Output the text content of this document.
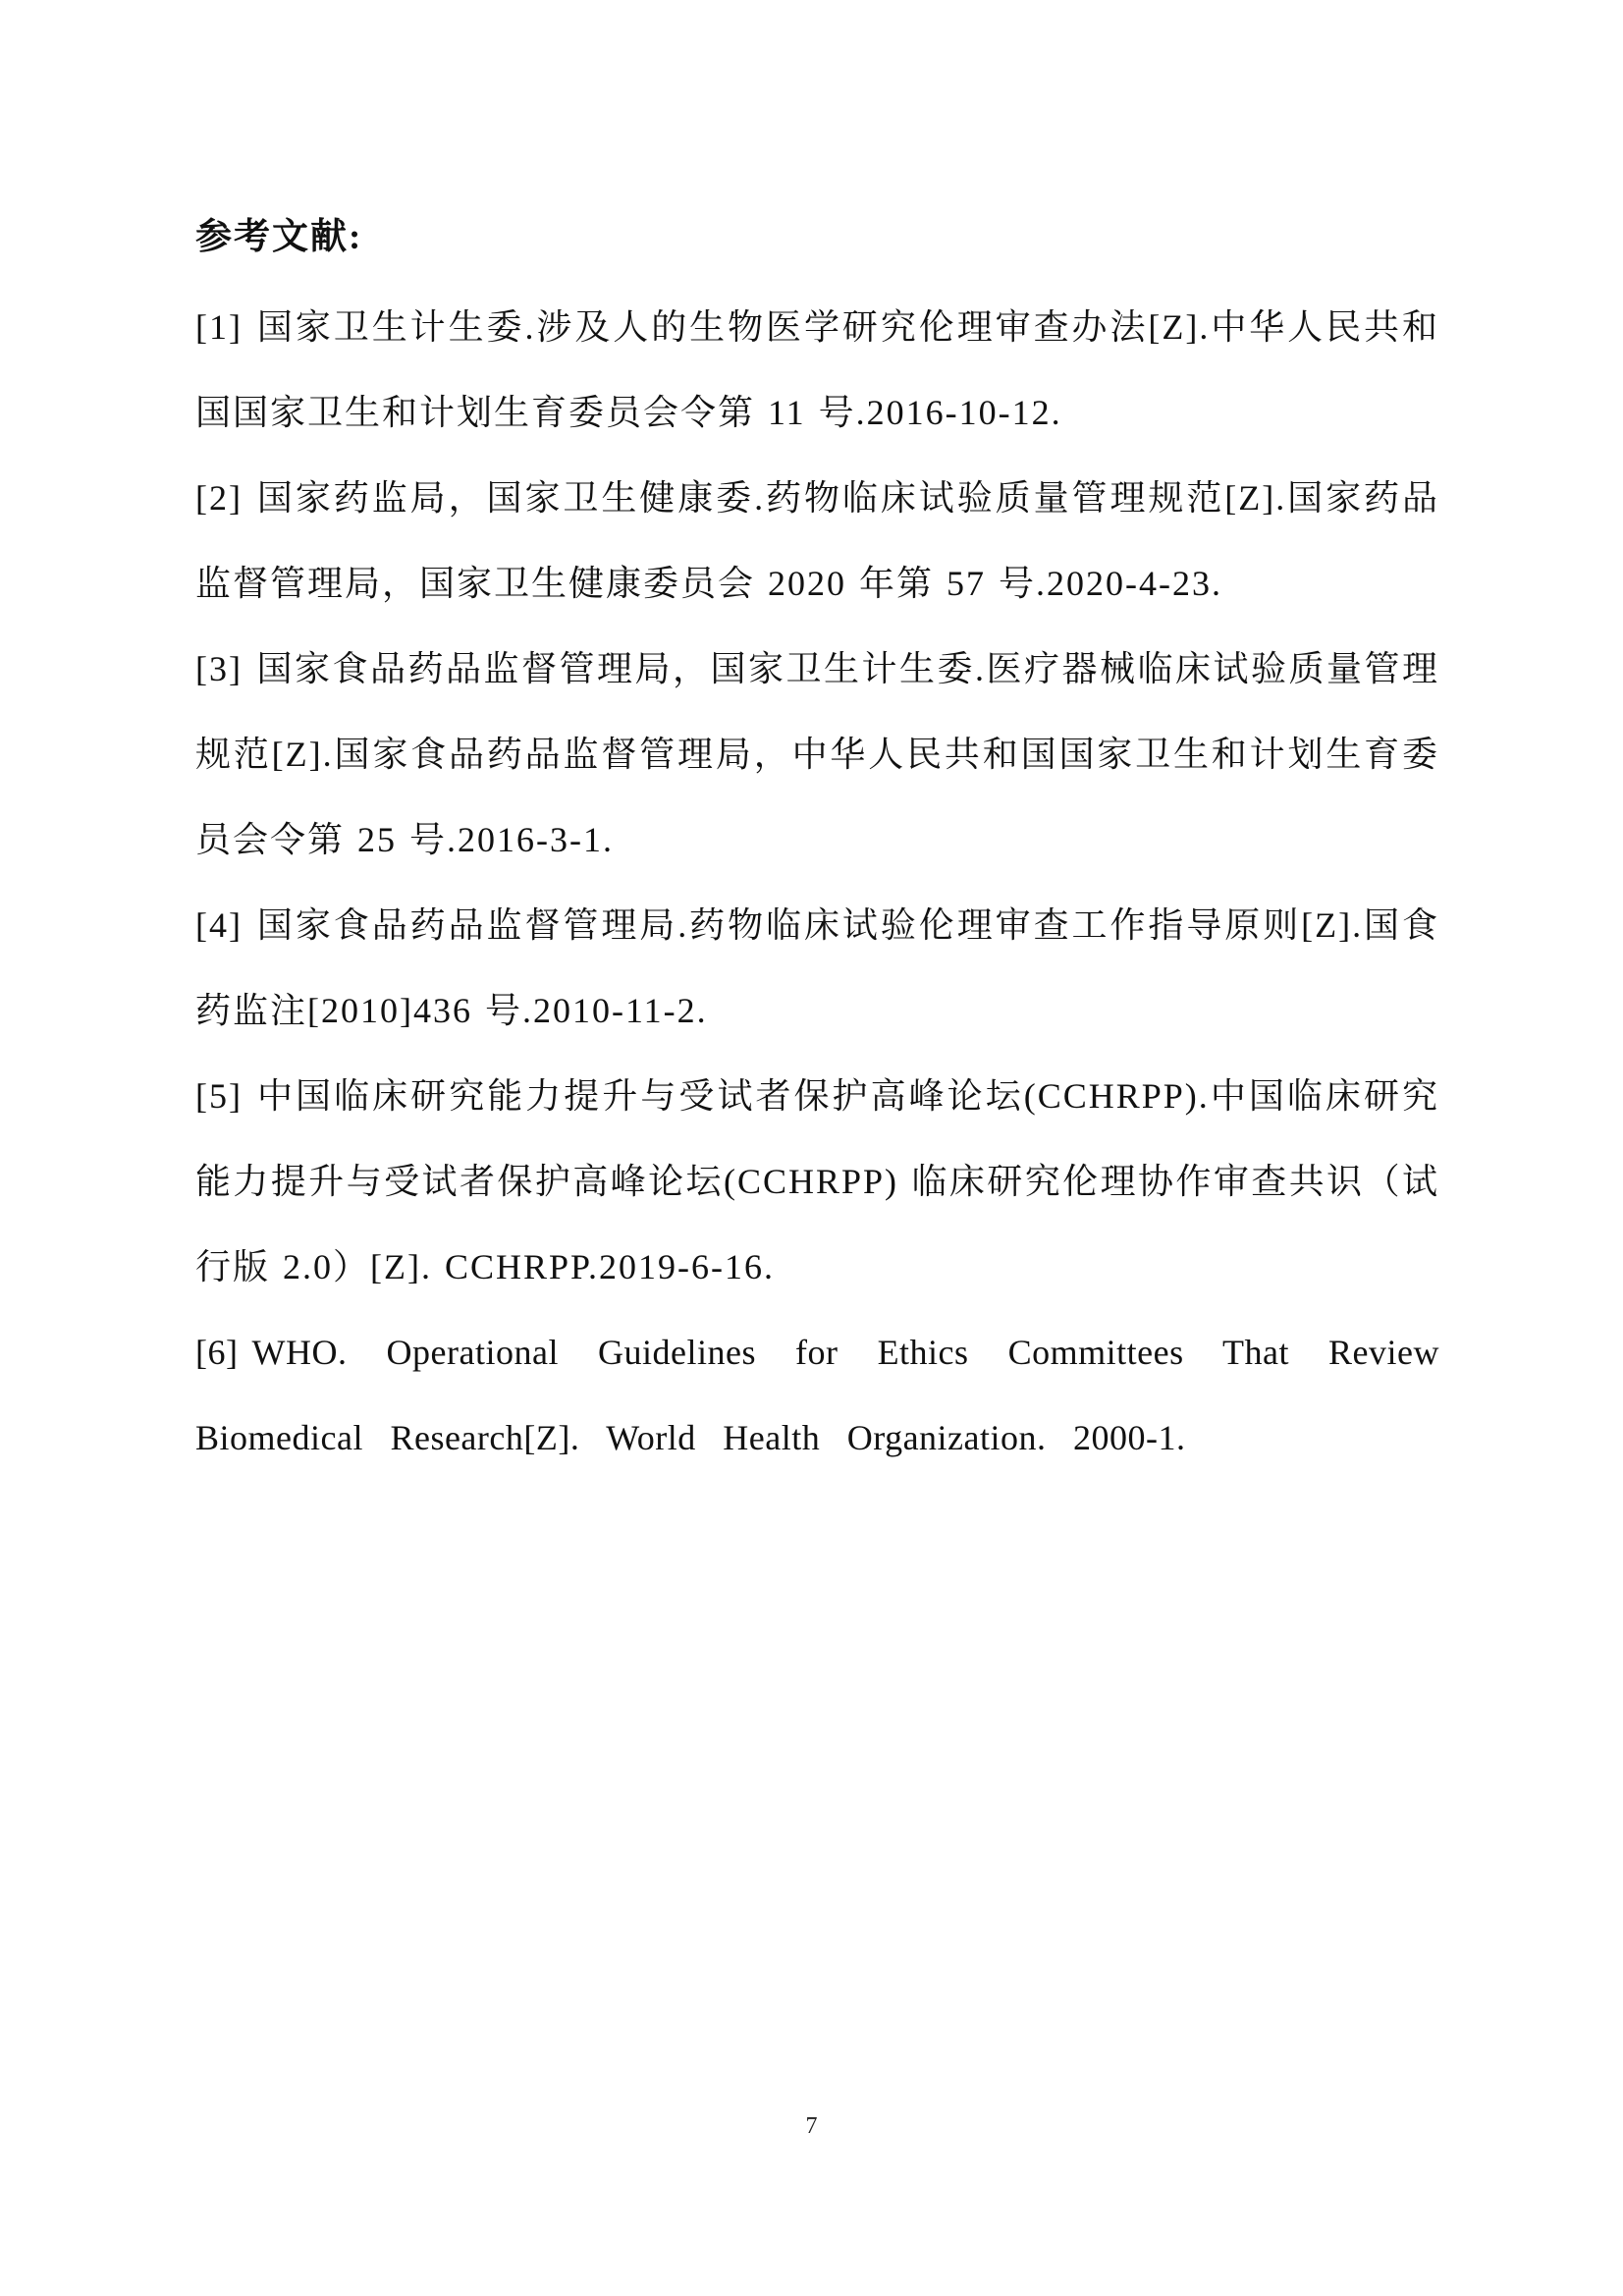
参考文献:
[1] 国家卫生计生委.涉及人的生物医学研究伦理审查办法[Z].中华人民共和国国家卫生和计划生育委员会令第 11 号.2016-10-12.
[2] 国家药监局，国家卫生健康委.药物临床试验质量管理规范[Z].国家药品监督管理局，国家卫生健康委员会 2020 年第 57 号.2020-4-23.
[3] 国家食品药品监督管理局，国家卫生计生委.医疗器械临床试验质量管理规范[Z].国家食品药品监督管理局，中华人民共和国国家卫生和计划生育委员会令第 25 号.2016-3-1.
[4] 国家食品药品监督管理局.药物临床试验伦理审查工作指导原则[Z].国食药监注[2010]436 号.2010-11-2.
[5] 中国临床研究能力提升与受试者保护高峰论坛(CCHRPP).中国临床研究能力提升与受试者保护高峰论坛(CCHRPP) 临床研究伦理协作审查共识（试行版 2.0）[Z]. CCHRPP.2019-6-16.
[6] WHO. Operational Guidelines for Ethics Committees That Review Biomedical Research[Z]. World Health Organization. 2000-1.
7
